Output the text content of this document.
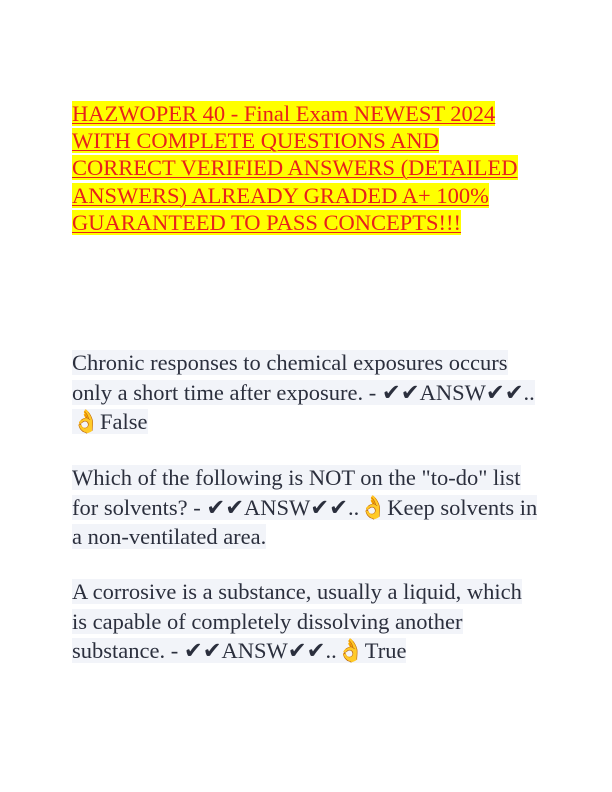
HAZWOPER 40 - Final Exam NEWEST 2024 WITH COMPLETE QUESTIONS AND CORRECT VERIFIED ANSWERS (DETAILED ANSWERS) ALREADY GRADED A+ 100% GUARANTEED TO PASS CONCEPTS!!!

Chronic responses to chemical exposures occurs only a short time after exposure. - ✔✔ANSW✔✔..👌False

Which of the following is NOT on the "to-do" list for solvents? - ✔✔ANSW✔✔..👌Keep solvents in a non-ventilated area.

A corrosive is a substance, usually a liquid, which is capable of completely dissolving another substance. - ✔✔ANSW✔✔..👌True
